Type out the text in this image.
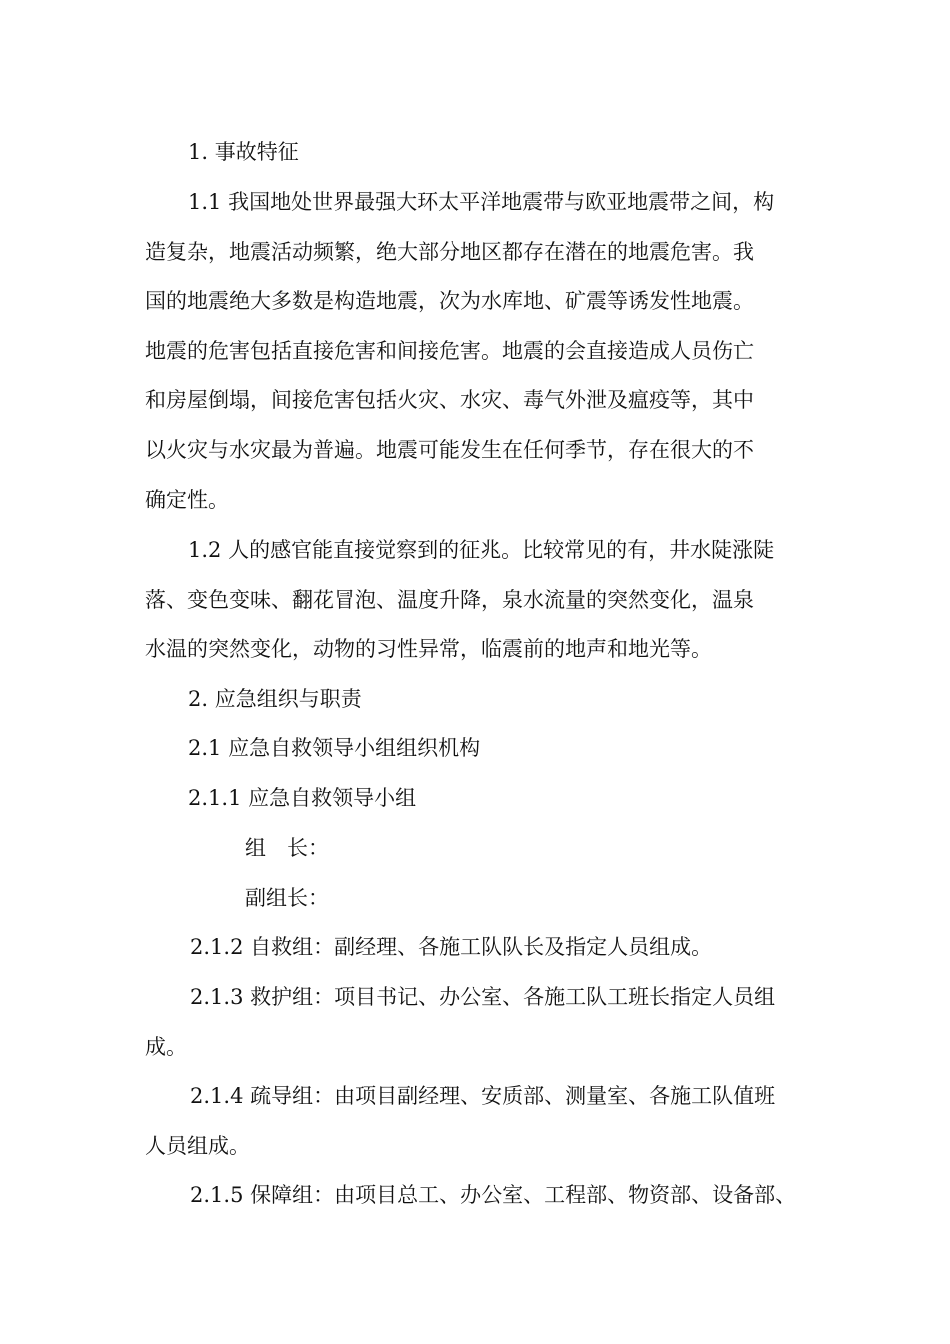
1. 事故特征
1.1 我国地处世界最强大环太平洋地震带与欧亚地震带之间，构
造复杂，地震活动频繁，绝大部分地区都存在潜在的地震危害。我
国的地震绝大多数是构造地震，次为水库地、矿震等诱发性地震。
地震的危害包括直接危害和间接危害。地震的会直接造成人员伤亡
和房屋倒塌，间接危害包括火灾、水灾、毒气外泄及瘟疫等，其中
以火灾与水灾最为普遍。地震可能发生在任何季节，存在很大的不
确定性。
1.2 人的感官能直接觉察到的征兆。比较常见的有，井水陡涨陡
落、变色变味、翻花冒泡、温度升降，泉水流量的突然变化，温泉
水温的突然变化，动物的习性异常，临震前的地声和地光等。
2. 应急组织与职责
2.1 应急自救领导小组组织机构
2.1.1 应急自救领导小组
组　长：
副组长：
2.1.2 自救组：副经理、各施工队队长及指定人员组成。
2.1.3 救护组：项目书记、办公室、各施工队工班长指定人员组
成。
2.1.4 疏导组：由项目副经理、安质部、测量室、各施工队值班
人员组成。
2.1.5 保障组：由项目总工、办公室、工程部、物资部、设备部、
